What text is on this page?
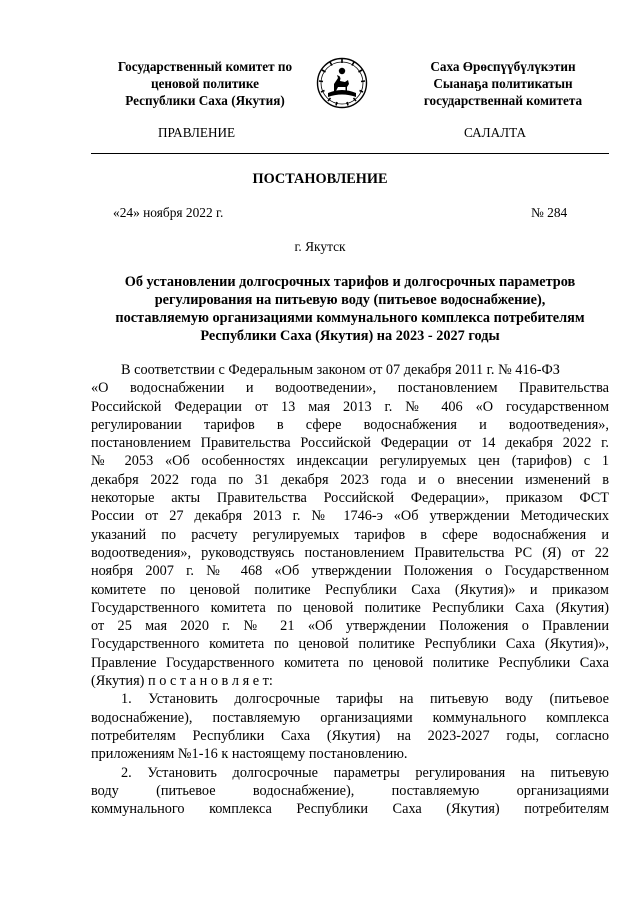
Государственный комитет по
ценовой политике
Республики Саха (Якутия)
Саха Өрөспүүбүлүкэтин
Сыанаҕа политикатын
государственнай комитета
ПРАВЛЕНИЕ	САЛАЛТА
ПОСТАНОВЛЕНИЕ
«24» ноября 2022 г.	№ 284
г. Якутск
Об установлении долгосрочных тарифов и долгосрочных параметров
регулирования на питьевую воду (питьевое водоснабжение),
поставляемую организациями коммунального комплекса потребителям
Республики Саха (Якутия) на 2023 - 2027 годы
В соответствии с Федеральным законом от 07 декабря 2011 г. № 416-ФЗ
«О водоснабжении и водоотведении», постановлением Правительства
Российской Федерации от 13 мая 2013 г. № 406 «О государственном
регулировании тарифов в сфере водоснабжения и водоотведения»,
постановлением Правительства Российской Федерации от 14 декабря 2022 г.
№ 2053 «Об особенностях индексации регулируемых цен (тарифов) с 1
декабря 2022 года по 31 декабря 2023 года и о внесении изменений в
некоторые акты Правительства Российской Федерации», приказом ФСТ
России от 27 декабря 2013 г. № 1746-э «Об утверждении Методических
указаний по расчету регулируемых тарифов в сфере водоснабжения и
водоотведения», руководствуясь постановлением Правительства РС (Я) от 22
ноября 2007 г. № 468 «Об утверждении Положения о Государственном
комитете по ценовой политике Республики Саха (Якутия)» и приказом
Государственного комитета по ценовой политике Республики Саха (Якутия)
от 25 мая 2020 г. № 21 «Об утверждении Положения о Правлении
Государственного комитета по ценовой политике Республики Саха (Якутия)»,
Правление Государственного комитета по ценовой политике Республики Саха
(Якутия) п о с т а н о в л я е т:
1. Установить долгосрочные тарифы на питьевую воду (питьевое
водоснабжение), поставляемую организациями коммунального комплекса
потребителям Республики Саха (Якутия) на 2023-2027 годы, согласно
приложениям №1-16 к настоящему постановлению.
2. Установить долгосрочные параметры регулирования на питьевую
воду (питьевое водоснабжение), поставляемую организациями
коммунального комплекса Республики Саха (Якутия) потребителям
